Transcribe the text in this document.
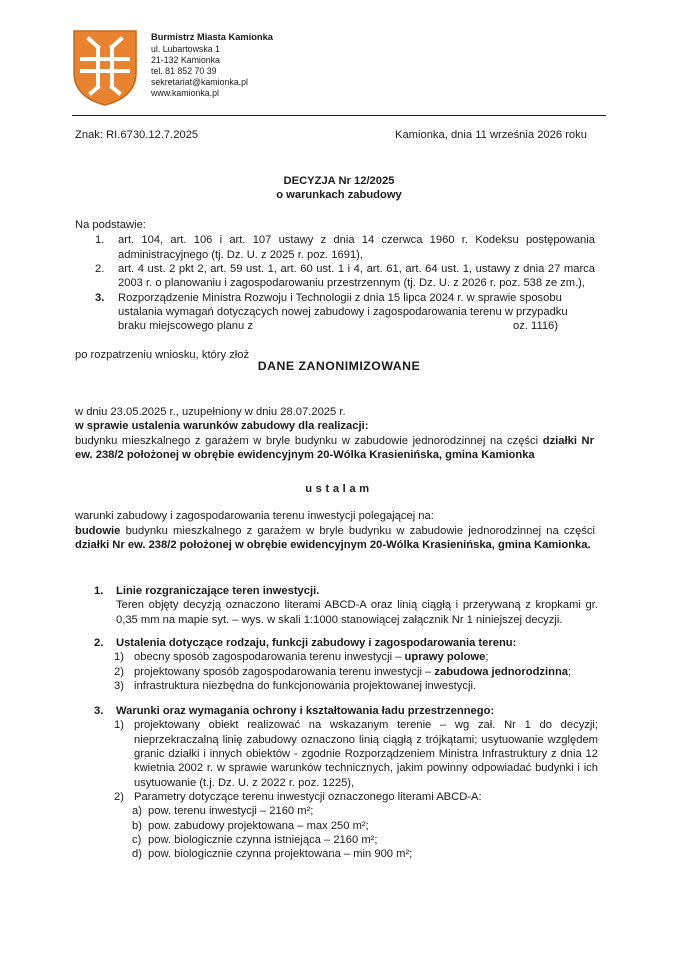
Burmistrz Miasta Kamionka
ul. Lubartowska 1
21-132 Kamionka
tel. 81 852 70 39
sekretariat@kamionka.pl
www.kamionka.pl
Znak: RI.6730.12.7.2025	Kamionka, dnia 11 września 2026 roku
DECYZJA Nr 12/2025
o warunkach zabudowy
Na podstawie:
1. art. 104, art. 106 i art. 107 ustawy z dnia 14 czerwca 1960 r. Kodeksu postępowania administracyjnego (tj. Dz. U. z 2025 r. poz. 1691),
2. art. 4 ust. 2 pkt 2, art. 59 ust. 1, art. 60 ust. 1 i 4, art. 61, art. 64 ust. 1, ustawy z dnia 27 marca 2003 r. o planowaniu i zagospodarowaniu przestrzennym (tj. Dz. U. z 2026 r. poz. 538 ze zm.),
3. Rozporządzenie Ministra Rozwoju i Technologii z dnia 15 lipca 2024 r. w sprawie sposobu ustalania wymagań dotyczących nowej zabudowy i zagospodarowania terenu w przypadku braku miejscowego planu z	oz. 1116)
po rozpatrzeniu wniosku, który złoż
DANE ZANONIMIZOWANE
w dniu 23.05.2025 r., uzupełniony w dniu 28.07.2025 r.
w sprawie ustalenia warunków zabudowy dla realizacji:
budynku mieszkalnego z garażem w bryle budynku w zabudowie jednorodzinnej na części działki Nr ew. 238/2 położonej w obrębie ewidencyjnym 20-Wólka Krasienińska, gmina Kamionka
ustalam
warunki zabudowy i zagospodarowania terenu inwestycji polegającej na:
budowie budynku mieszkalnego z garażem w bryle budynku w zabudowie jednorodzinnej na części działki Nr ew. 238/2 położonej w obrębie ewidencyjnym 20-Wólka Krasienińska, gmina Kamionka.
1. Linie rozgraniczające teren inwestycji.
Teren objęty decyzją oznaczono literami ABCD-A oraz linią ciągłą i przerywaną z kropkami gr. 0,35 mm na mapie syt. – wys. w skali 1:1000 stanowiącej załącznik Nr 1 niniejszej decyzji.
2. Ustalenia dotyczące rodzaju, funkcji zabudowy i zagospodarowania terenu:
1) obecny sposób zagospodarowania terenu inwestycji – uprawy polowe;
2) projektowany sposób zagospodarowania terenu inwestycji – zabudowa jednorodzinna;
3) infrastruktura niezbędna do funkcjonowania projektowanej inwestycji.
3. Warunki oraz wymagania ochrony i kształtowania ładu przestrzennego:
1) projektowany obiekt realizować na wskazanym terenie – wg zał. Nr 1 do decyzji; nieprzekraczalną linię zabudowy oznaczono linią ciągłą z trójkątami; usytuowanie względem granic działki i innych obiektów - zgodnie Rozporządzeniem Ministra Infrastruktury z dnia 12 kwietnia 2002 r. w sprawie warunków technicznych, jakim powinny odpowiadać budynki i ich usytuowanie (t.j. Dz. U. z 2022 r. poz. 1225),
2) Parametry dotyczące terenu inwestycji oznaczonego literami ABCD-A:
a) pow. terenu inwestycji – 2160 m²;
b) pow. zabudowy projektowana – max 250 m²;
c) pow. biologicznie czynna istniejąca – 2160 m²;
d) pow. biologicznie czynna projektowana – min 900 m²;
